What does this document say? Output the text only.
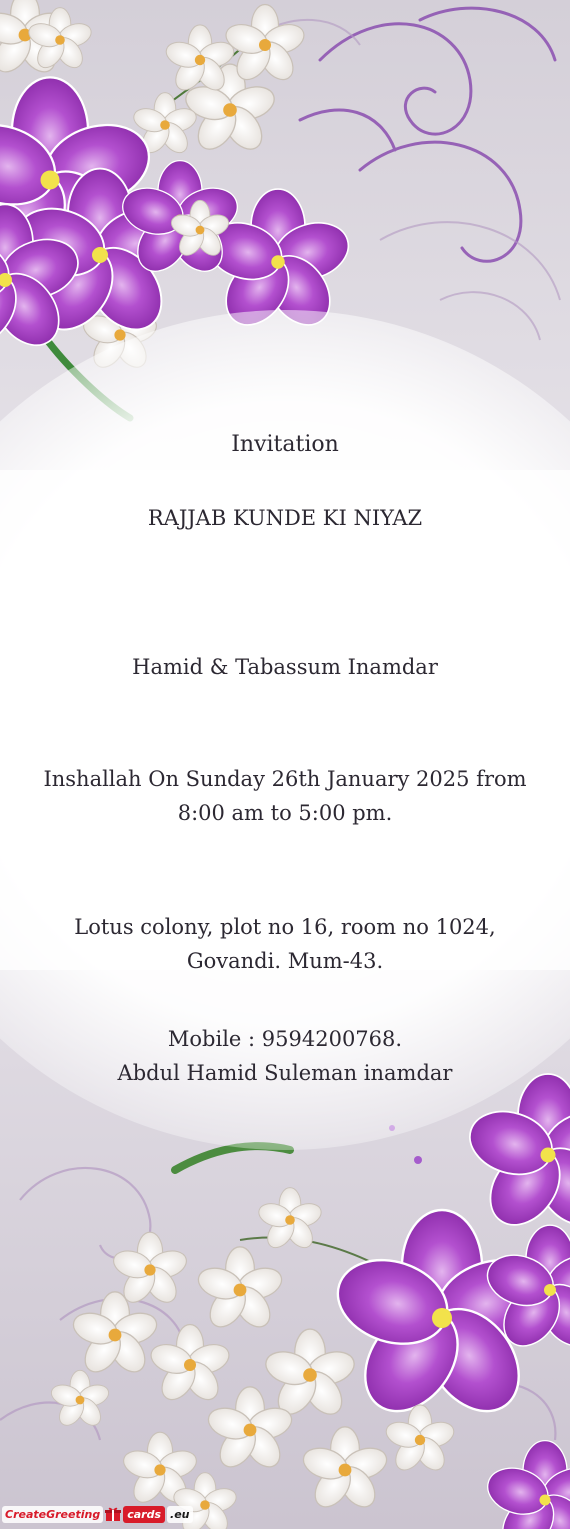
Invitation
RAJJAB KUNDE KI NIYAZ
Hamid & Tabassum Inamdar
Inshallah On Sunday 26th January 2025 from 8:00 am to 5:00 pm.
Lotus colony, plot no 16, room no 1024, Govandi. Mum-43.
Mobile : 9594200768.
Abdul Hamid Suleman inamdar
CreateGreeting	cards .eu
